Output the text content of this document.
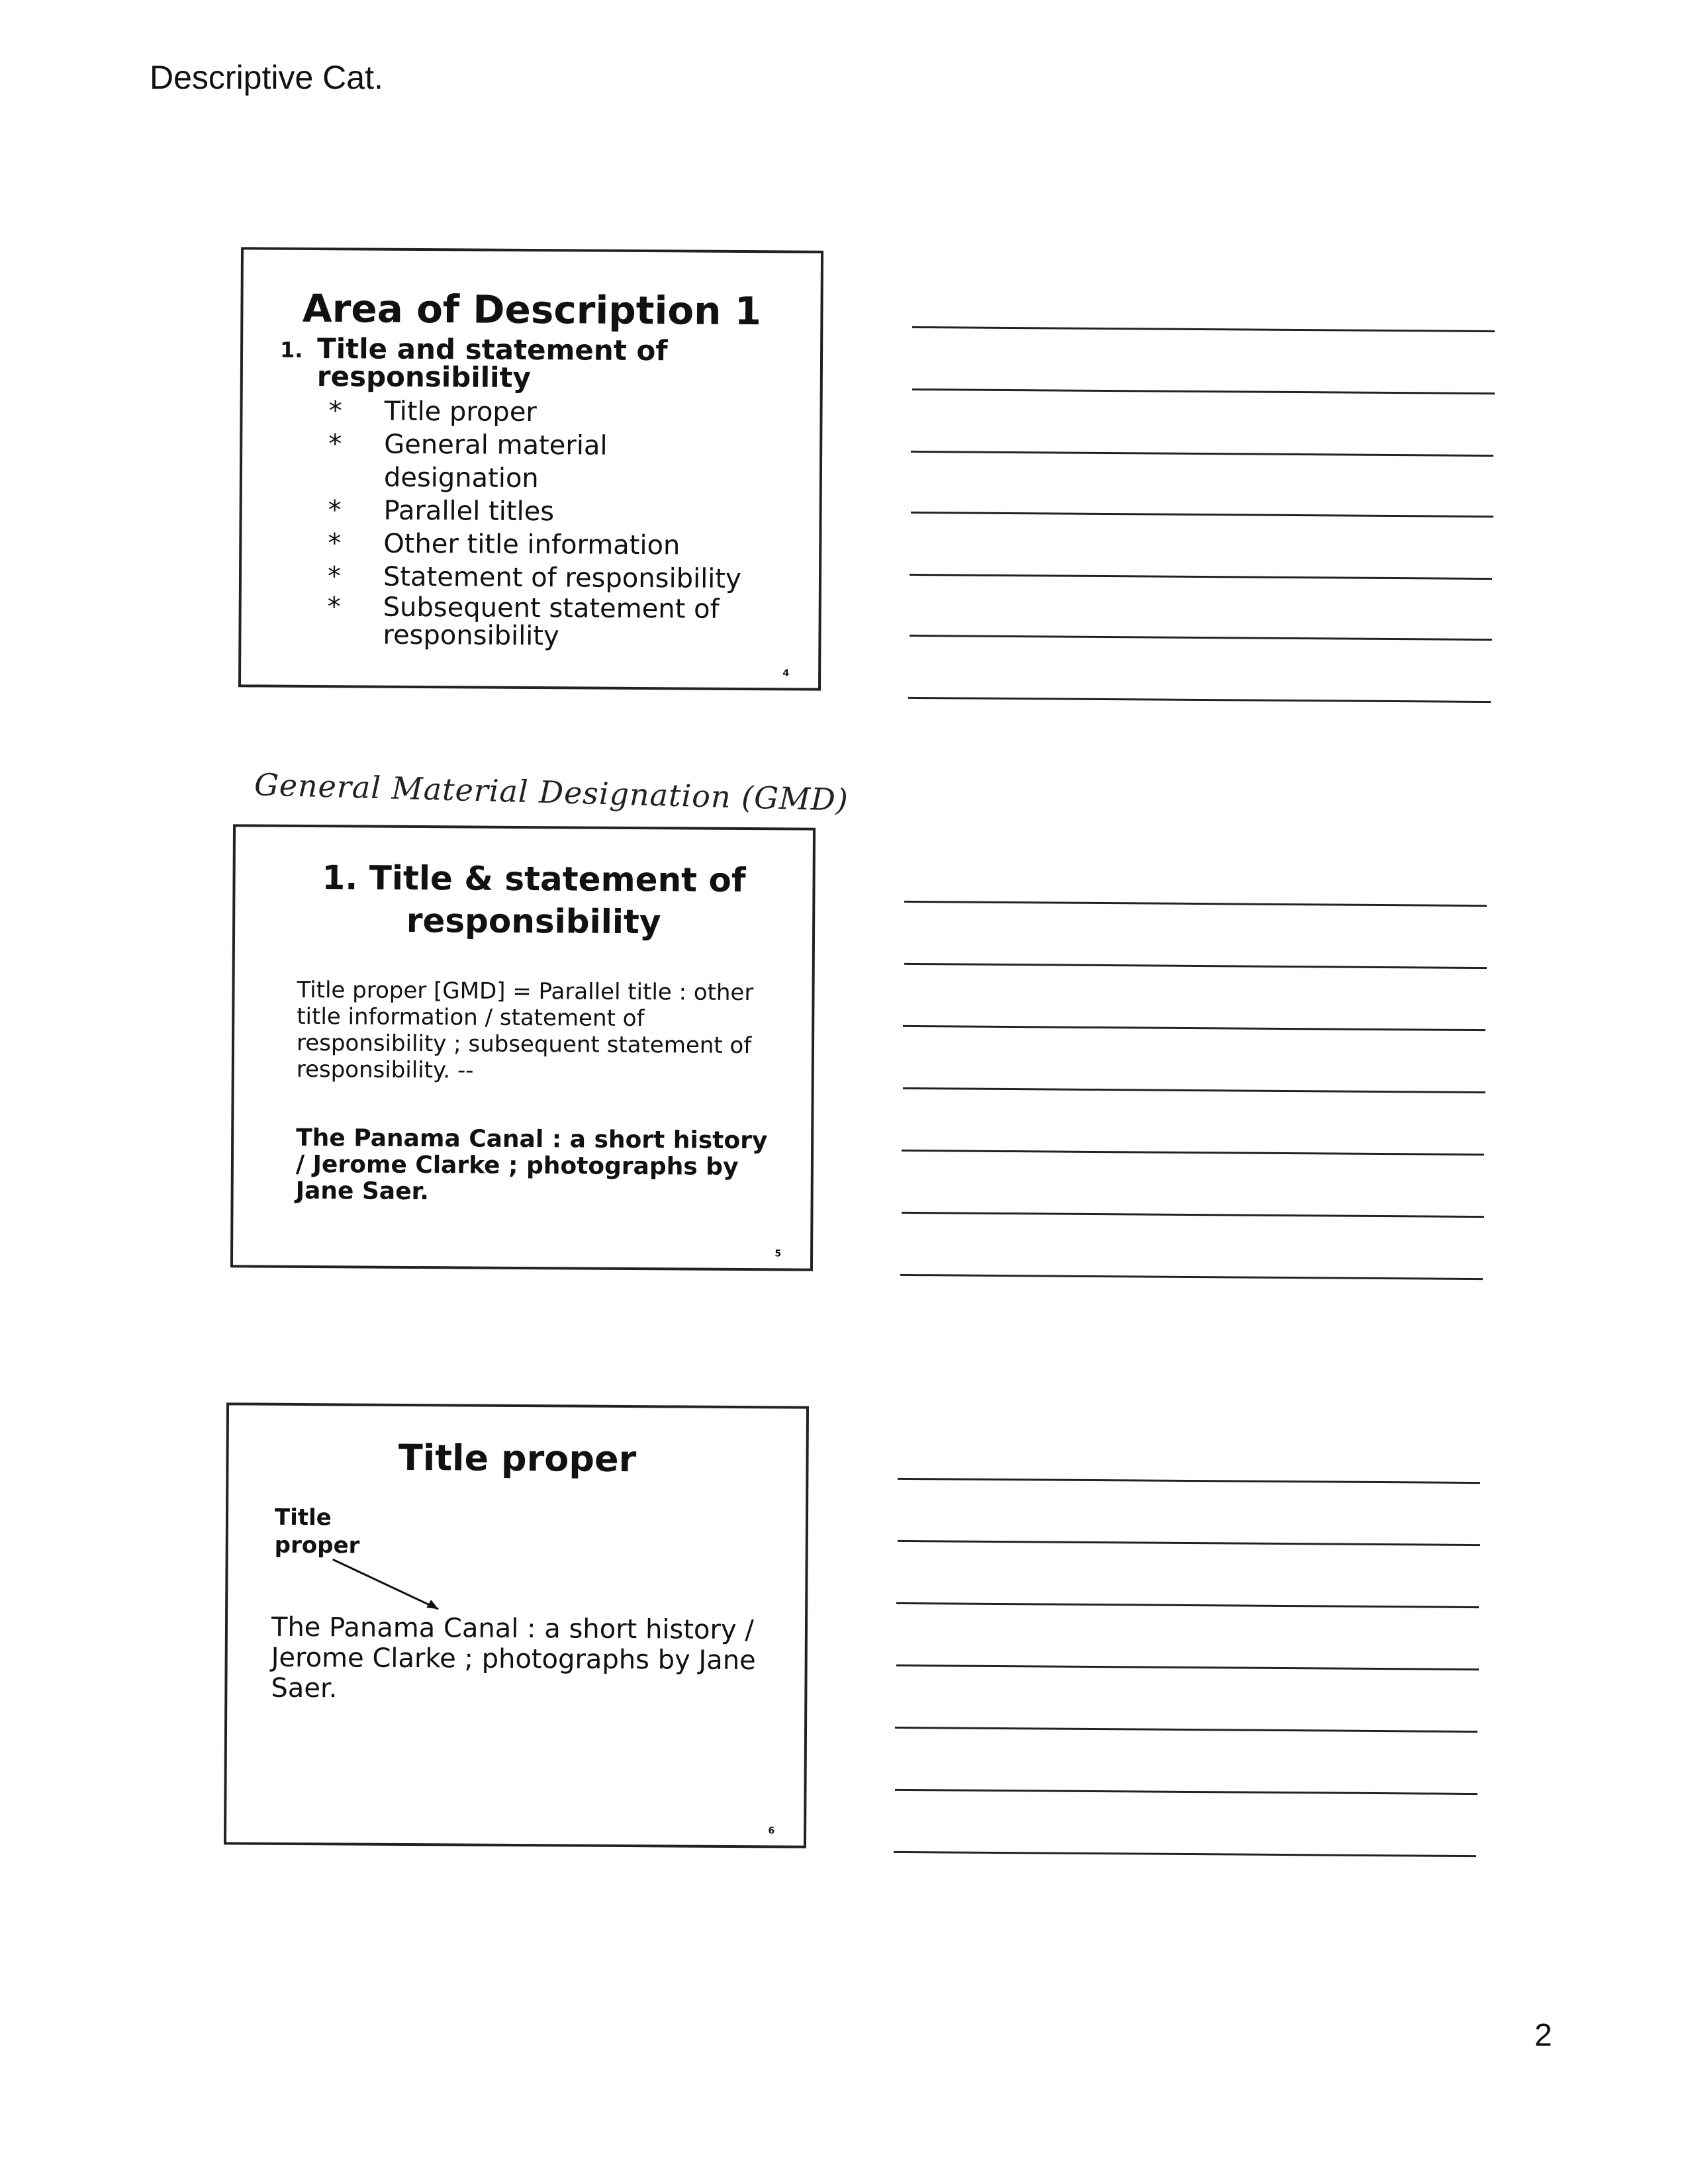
Descriptive Cat.
Area of Description 1
1. Title and statement of responsibility
* Title proper
* General material designation
* Parallel titles
* Other title information
* Statement of responsibility
* Subsequent statement of responsibility
4
General Material Designation (GMD)
1. Title & statement of responsibility
Title proper [GMD] = Parallel title : other title information / statement of responsibility ; subsequent statement of responsibility. --
The Panama Canal : a short history / Jerome Clarke ; photographs by Jane Saer.
5
Title proper
Title proper
The Panama Canal : a short history / Jerome Clarke ; photographs by Jane Saer.
6
2
